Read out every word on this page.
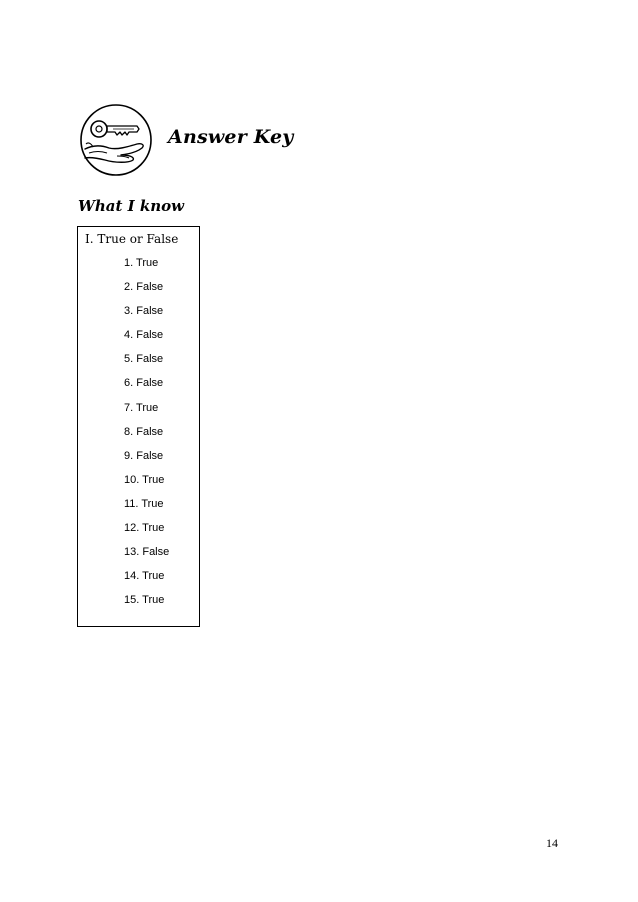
Answer Key
What I know
I. True or False
1. True
2. False
3. False
4. False
5. False
6. False
7. True
8. False
9. False
10. True
11. True
12. True
13. False
14. True
15. True
14
